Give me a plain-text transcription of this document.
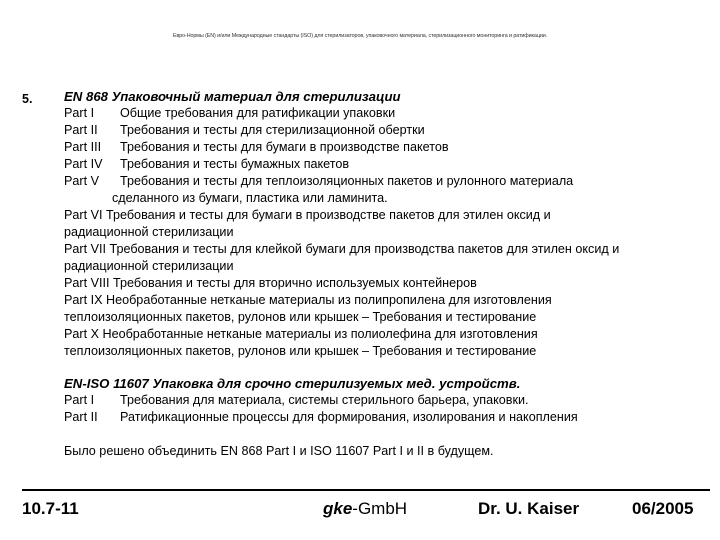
Евро-Нормы (EN) и/или Международные стандарты (ISO) для стерилизаторов, упаковочного материала, стерилизационного мониторинга и ратификации.
5. EN 868 Упаковочный материал для стерилизации
Part I Общие требования для ратификации упаковки
Part II Требования и тесты для стерилизационной обертки
Part III Требования и тесты для бумаги в производстве пакетов
Part IV Требования и тесты бумажных пакетов
Part V Требования и тесты для теплоизоляционных пакетов и рулонного материала
сделанного из бумаги, пластика или ламинита.
Part VI Требования и тесты для бумаги в производстве пакетов для этилен оксид и
радиационной стерилизации
Part VII Требования и тесты для клейкой бумаги для производства пакетов для этилен оксид и
радиационной стерилизации
Part VIII Требования и тесты для вторично используемых контейнеров
Part IX Необработанные нетканые материалы из полипропилена для изготовления
теплоизоляционных пакетов, рулонов или крышек – Требования и тестирование
Part X Необработанные нетканые материалы из полиолефина для изготовления
теплоизоляционных пакетов, рулонов или крышек – Требования и тестирование
EN-ISO 11607 Упаковка для срочно стерилизуемых мед. устройств.
Part I Требования для материала, системы стерильного барьера, упаковки.
Part II Ратификационные процессы для формирования, изолирования и накопления
Было решено объединить EN 868 Part I и ISO 11607 Part I и II в будущем.
10.7-11	gke-GmbH	Dr. U. Kaiser	06/2005
